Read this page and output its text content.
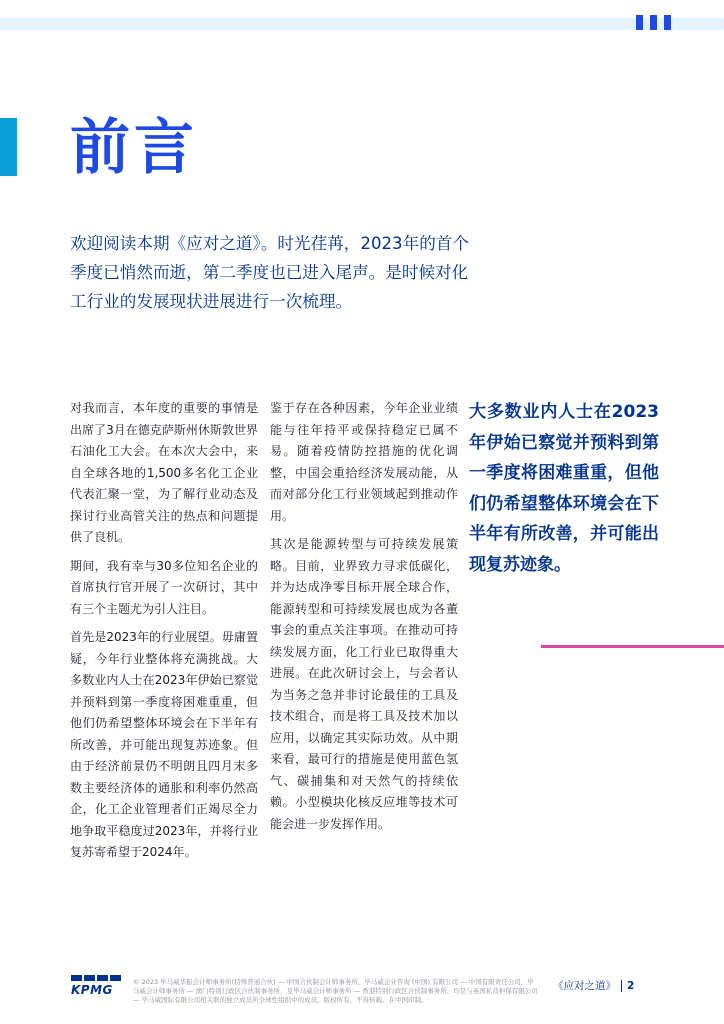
前言

欢迎阅读本期《应对之道》。时光荏苒，2023年的首个季度已悄然而逝，第二季度也已进入尾声。是时候对化工行业的发展现状进展进行一次梳理。

对我而言，本年度的重要的事情是出席了3月在德克萨斯州休斯敦世界石油化工大会。在本次大会中，来自全球各地的1,500多名化工企业代表汇聚一堂，为了解行业动态及探讨行业高管关注的热点和问题提供了良机。

期间，我有幸与30多位知名企业的首席执行官开展了一次研讨，其中有三个主题尤为引人注目。

首先是2023年的行业展望。毋庸置疑，今年行业整体将充满挑战。大多数业内人士在2023年伊始已察觉并预料到第一季度将困难重重，但他们仍希望整体环境会在下半年有所改善，并可能出现复苏迹象。但由于经济前景仍不明朗且四月末多数主要经济体的通胀和利率仍然高企，化工企业管理者们正竭尽全力地争取平稳度过2023年，并将行业复苏寄希望于2024年。

鉴于存在各种因素，今年企业业绩能与往年持平或保持稳定已属不易。随着疫情防控措施的优化调整，中国会重拾经济发展动能，从而对部分化工行业领域起到推动作用。

其次是能源转型与可持续发展策略。目前，业界致力寻求低碳化，并为达成净零目标开展全球合作，能源转型和可持续发展也成为各董事会的重点关注事项。在推动可持续发展方面，化工行业已取得重大进展。在此次研讨会上，与会者认为当务之急并非讨论最佳的工具及技术组合，而是将工具及技术加以应用，以确定其实际功效。从中期来看，最可行的措施是使用蓝色氢气、碳捕集和对天然气的持续依赖。小型模块化核反应堆等技术可能会进一步发挥作用。

大多数业内人士在2023年伊始已察觉并预料到第一季度将困难重重，但他们仍希望整体环境会在下半年有所改善，并可能出现复苏迹象。

KPMG
© 2023 毕马威华振会计师事务所(特殊普通合伙) — 中国合伙制会计师事务所，毕马威企业咨询 (中国) 有限公司 — 中国有限责任公司，毕马威会计师事务所 — 澳门特别行政区合伙制事务所，及毕马威会计师事务所 — 香港特别行政区合伙制事务所，均是与英国私营担保有限公司 — 毕马威国际有限公司相关联的独立成员所全球性组织中的成员。版权所有，不得转载。在中国印制。
《应对之道》 2
